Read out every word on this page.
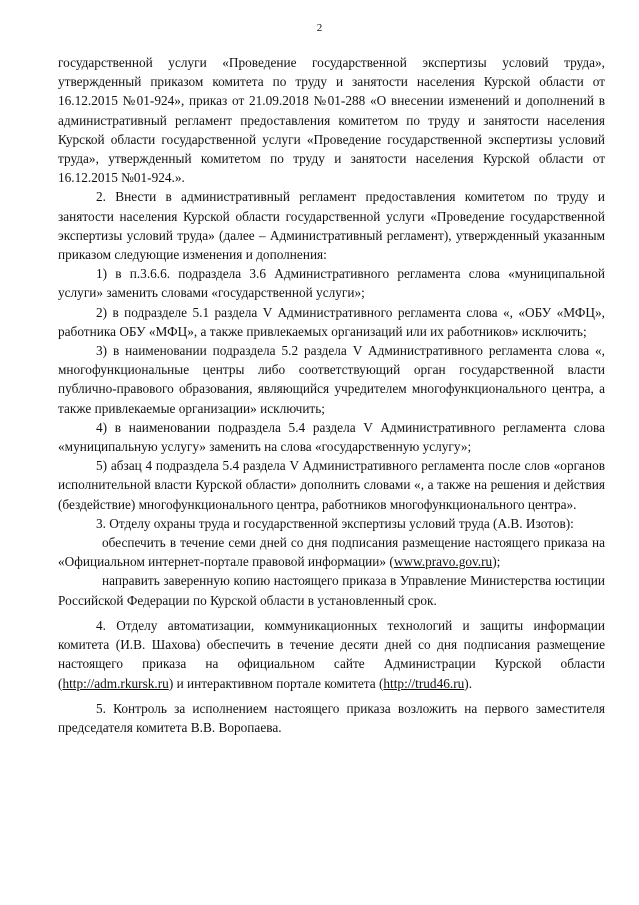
2

государственной услуги «Проведение государственной экспертизы условий труда», утвержденный приказом комитета по труду и занятости населения Курской области от 16.12.2015 №01-924», приказ от 21.09.2018 №01-288 «О внесении изменений и дополнений в административный регламент предоставления комитетом по труду и занятости населения Курской области государственной услуги «Проведение государственной экспертизы условий труда», утвержденный комитетом по труду и занятости населения Курской области от 16.12.2015 №01-924.».

2. Внести в административный регламент предоставления комитетом по труду и занятости населения Курской области государственной услуги «Проведение государственной экспертизы условий труда» (далее – Административный регламент), утвержденный указанным приказом следующие изменения и дополнения:

1) в п.3.6.6. подраздела 3.6 Административного регламента слова «муниципальной услуги» заменить словами «государственной услуги»;

2) в подразделе 5.1 раздела V Административного регламента слова «, «ОБУ «МФЦ», работника ОБУ «МФЦ», а также привлекаемых организаций или их работников» исключить;

3) в наименовании подраздела 5.2 раздела V Административного регламента слова «, многофункциональные центры либо соответствующий орган государственной власти публично-правового образования, являющийся учредителем многофункционального центра, а также привлекаемые организации» исключить;

4) в наименовании подраздела 5.4 раздела V Административного регламента слова «муниципальную услугу» заменить на слова «государственную услугу»;

5) абзац 4 подраздела 5.4 раздела V Административного регламента после слов «органов исполнительной власти Курской области» дополнить словами «, а также на решения и действия (бездействие) многофункционального центра, работников многофункционального центра».

3. Отделу охраны труда и государственной экспертизы условий труда (А.В. Изотов):

обеспечить в течение семи дней со дня подписания размещение настоящего приказа на «Официальном интернет-портале правовой информации» (www.pravo.gov.ru);

направить заверенную копию настоящего приказа в Управление Министерства юстиции Российской Федерации по Курской области в установленный срок.

4. Отделу автоматизации, коммуникационных технологий и защиты информации комитета (И.В. Шахова) обеспечить в течение десяти дней со дня подписания размещение настоящего приказа на официальном сайте Администрации Курской области (http://adm.rkursk.ru) и интерактивном портале комитета (http://trud46.ru).

5. Контроль за исполнением настоящего приказа возложить на первого заместителя председателя комитета В.В. Воропаева.
